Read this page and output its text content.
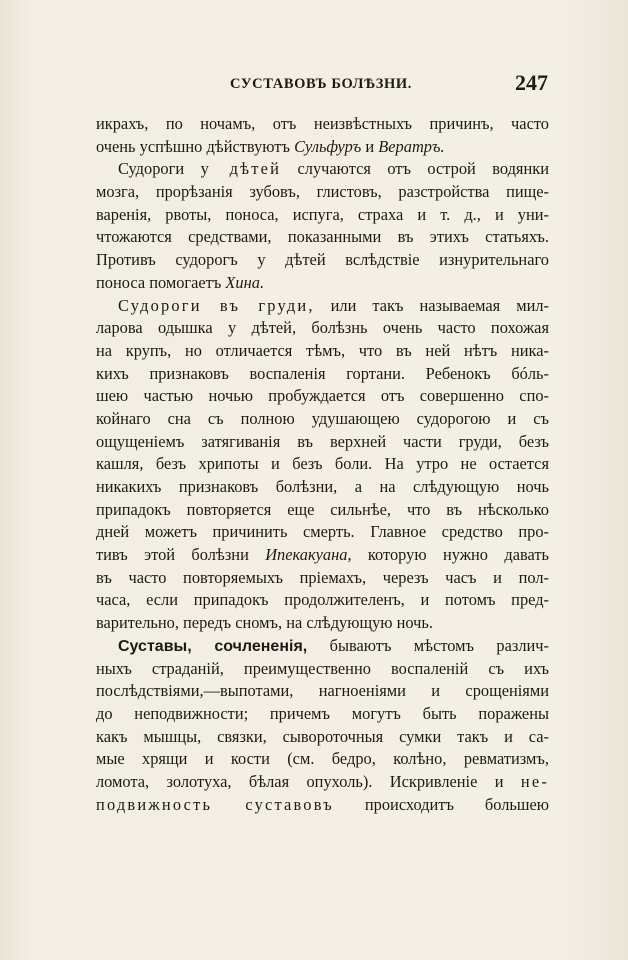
СУСТАВОВЪ БОЛѢЗНИ.	247
икрахъ, по ночамъ, отъ неизвѣстныхъ причинъ, часто
очень успѣшно дѣйствуютъ Сульфуръ и Вератръ.
Судороги у дѣтей случаются отъ острой водянки
мозга, прорѣзанія зубовъ, глистовъ, разстройства пище-
варенія, рвоты, поноса, испуга, страха и т. д., и уни-
чтожаются средствами, показанными въ этихъ статьяхъ.
Противъ судорогъ у дѣтей вслѣдствіе изнурительнаго
поноса помогаетъ Хина.
Судороги въ груди, или такъ называемая мил-
ларова одышка у дѣтей, болѣзнь очень часто похожая
на крупъ, но отличается тѣмъ, что въ ней нѣтъ ника-
кихъ признаковъ воспаленія гортани. Ребенокъ бóль-
шею частью ночью пробуждается отъ совершенно спо-
койнаго сна съ полною удушающею судорогою и съ
ощущеніемъ затягиванія въ верхней части груди, безъ
кашля, безъ хрипоты и безъ боли. На утро не остается
никакихъ признаковъ болѣзни, а на слѣдующую ночь
припадокъ повторяется еще сильнѣе, что въ нѣсколько
дней можетъ причинить смерть. Главное средство про-
тивъ этой болѣзни Ипекакуана, которую нужно давать
въ часто повторяемыхъ пріемахъ, черезъ часъ и пол-
часа, если припадокъ продолжителенъ, и потомъ пред-
варительно, передъ сномъ, на слѣдующую ночь.
Суставы, сочлененія, бываютъ мѣстомъ различ-
ныхъ страданій, преимущественно воспаленій съ ихъ
послѣдствіями,—выпотами, нагноеніями и срощеніями
до неподвижности; причемъ могутъ быть поражены
какъ мышцы, связки, сывороточныя сумки такъ и са-
мые хрящи и кости (см. бедро, колѣно, ревматизмъ,
ломота, золотуха, бѣлая опухоль). Искривленіе и не-
подвижность суставовъ происходитъ большею
